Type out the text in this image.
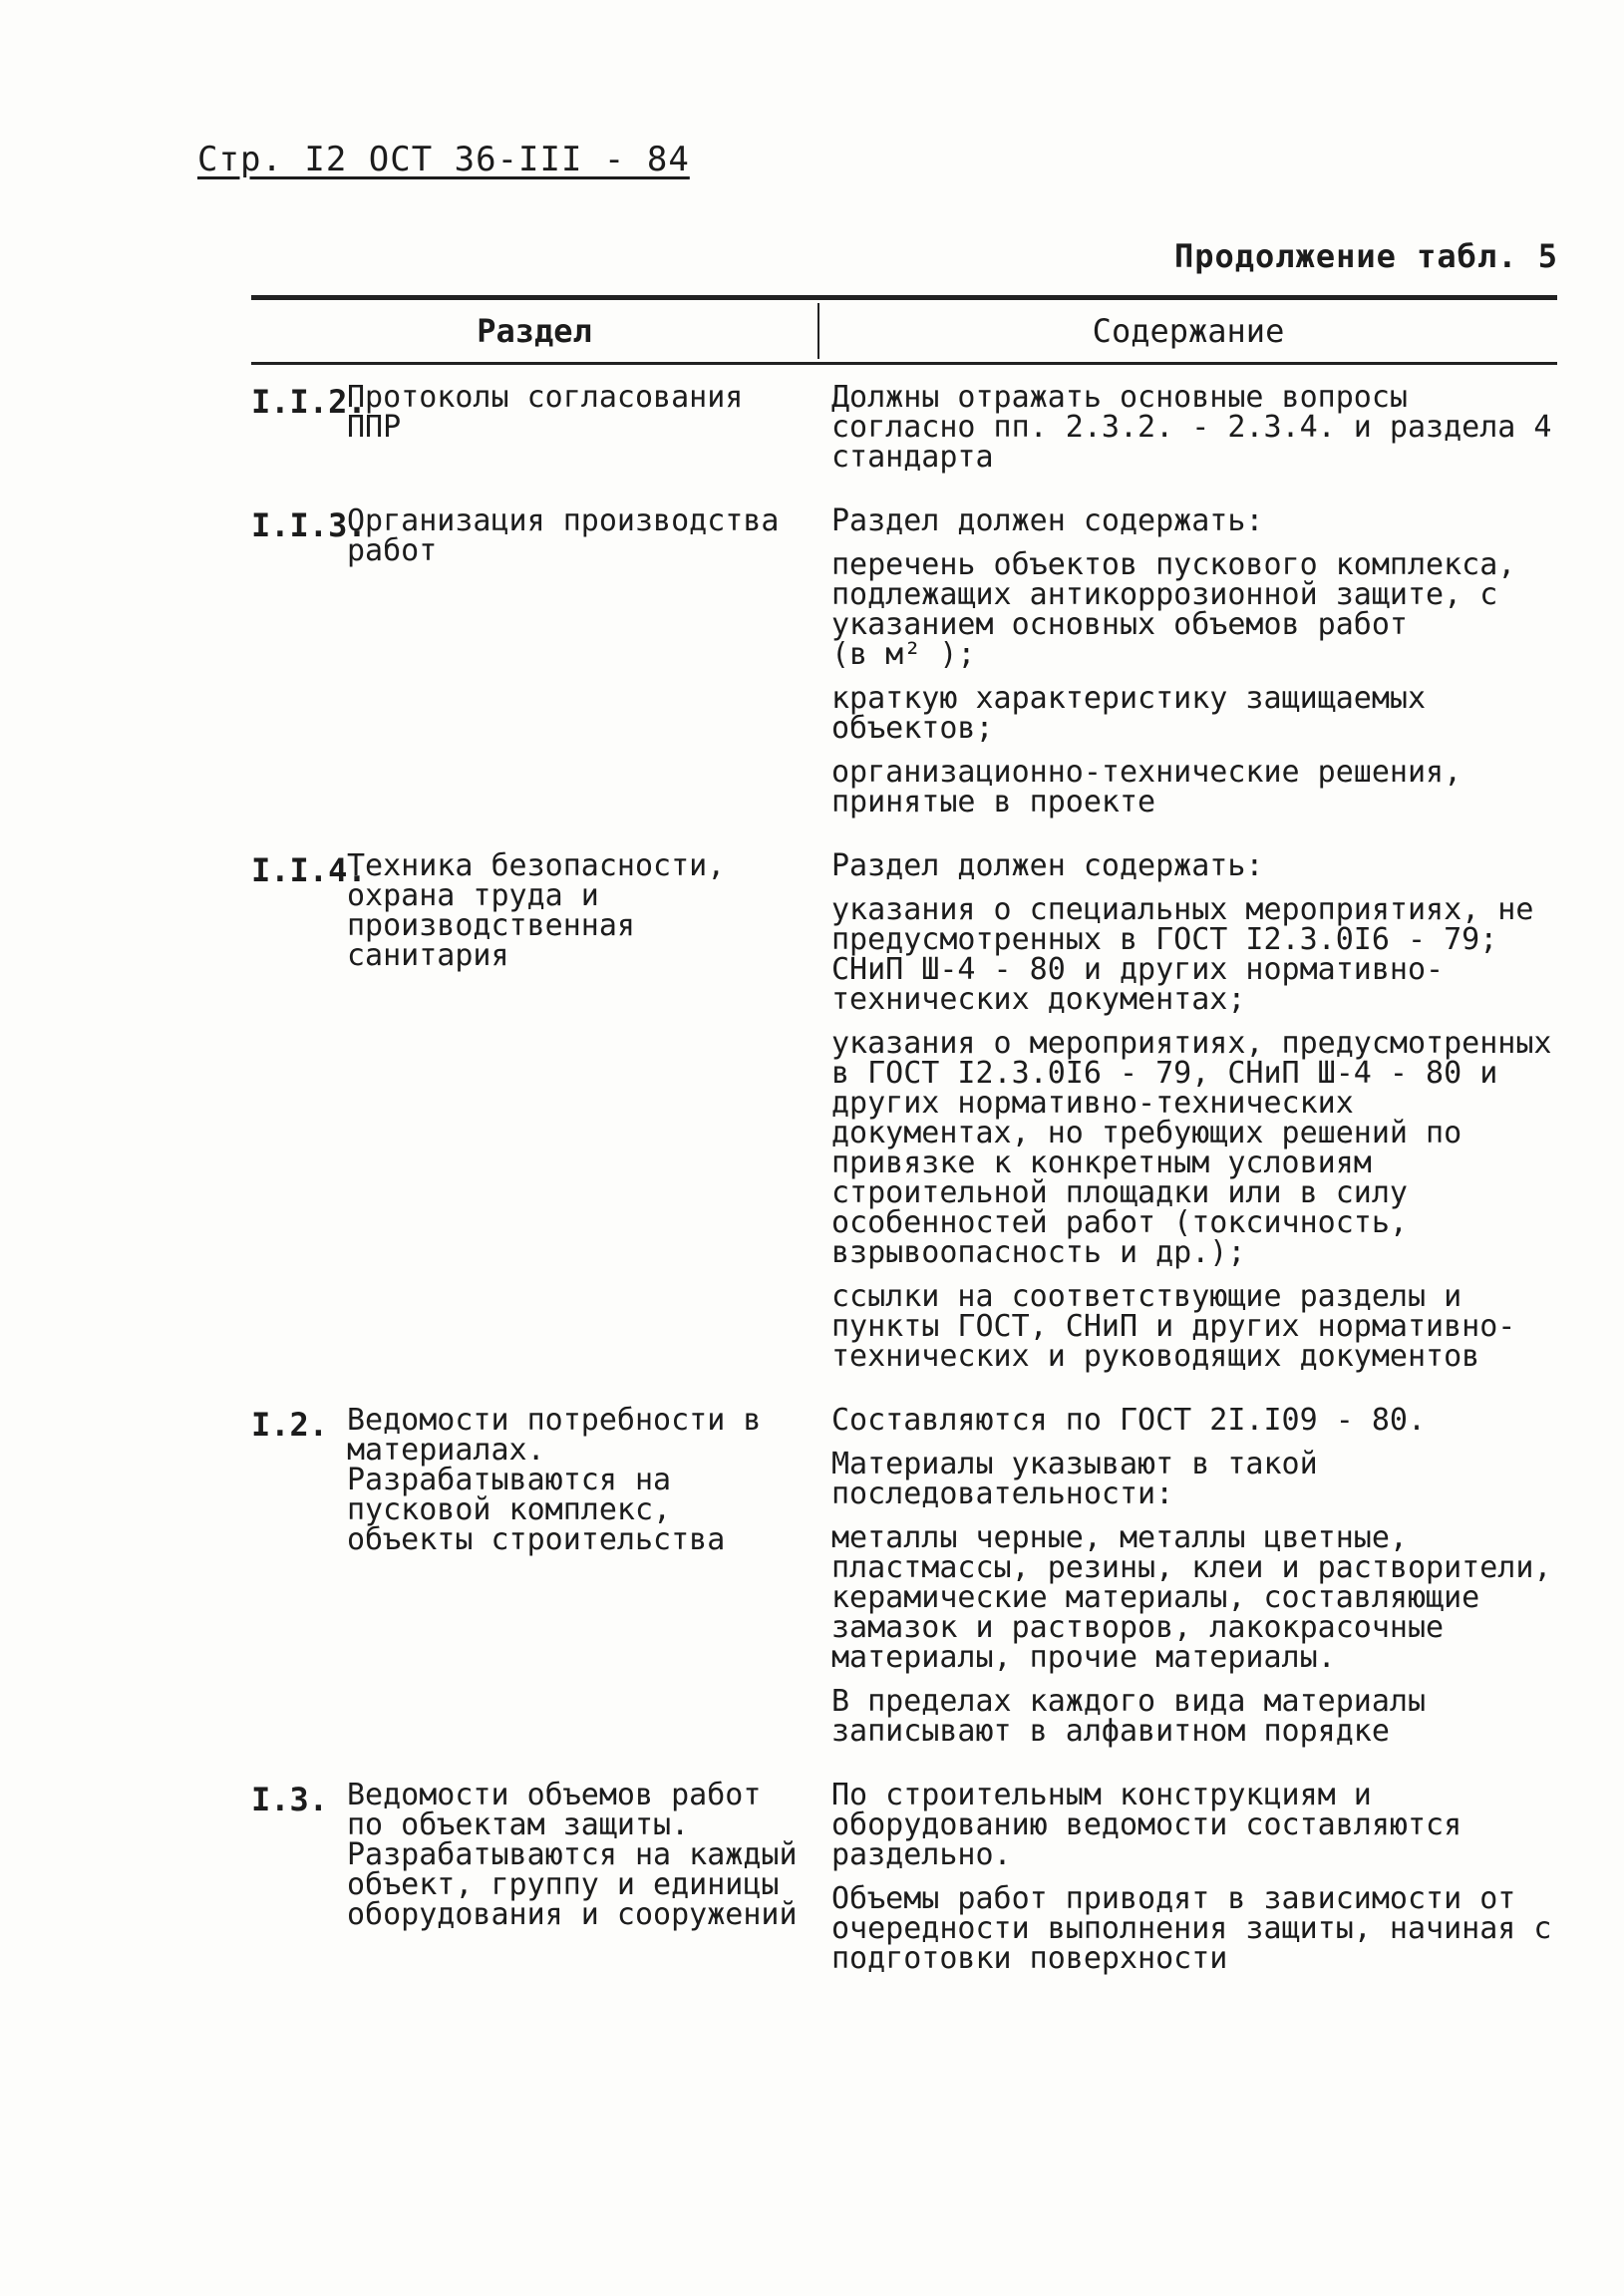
Стр. I2 ОСТ 36-III - 84
Продолжение табл. 5
Раздел	Содержание
I.I.2.
Протоколы согласования
ППР
Должны отражать основные вопросы согласно пп. 2.3.2. - 2.3.4. и раздела 4 стандарта
I.I.3.
Организация производства работ
Раздел должен содержать:
перечень объектов пускового комплекса, подлежащих антикоррозионной защите, с указанием основных объемов работ
(в м² );
краткую характеристику защищаемых объектов;
организационно-технические решения, принятые в проекте
I.I.4.
Техника безопасности, охрана труда и производственная санитария
Раздел должен содержать:
указания о специальных мероприятиях, не предусмотренных в ГОСТ I2.3.0I6 - 79; СНиП Ш-4 - 80 и других нормативно-технических документах;
указания о мероприятиях, предусмотренных в ГОСТ I2.3.0I6 - 79, СНиП Ш-4 - 80 и других нормативно-технических документах, но требующих решений по привязке к конкретным условиям строительной площадки или в силу особенностей работ (токсичность, взрывоопасность и др.);
ссылки на соответствующие разделы и пункты ГОСТ, СНиП и других нормативно-технических и руководящих документов
I.2. Ведомости потребности в материалах. Разрабатываются на пусковой комплекс, объекты строительства
Составляются по ГОСТ 2I.I09 - 80.
Материалы указывают в такой последовательности:
металлы черные, металлы цветные, пластмассы, резины, клеи и растворители, керамические материалы, составляющие замазок и растворов, лакокрасочные материалы, прочие материалы.
В пределах каждого вида материалы записывают в алфавитном порядке
I.3. Ведомости объемов работ по объектам защиты. Разрабатываются на каждый объект, группу и единицы оборудования и сооружений
По строительным конструкциям и оборудованию ведомости составляются раздельно.
Объемы работ приводят в зависимости от очередности выполнения защиты, начиная с подготовки поверхности
